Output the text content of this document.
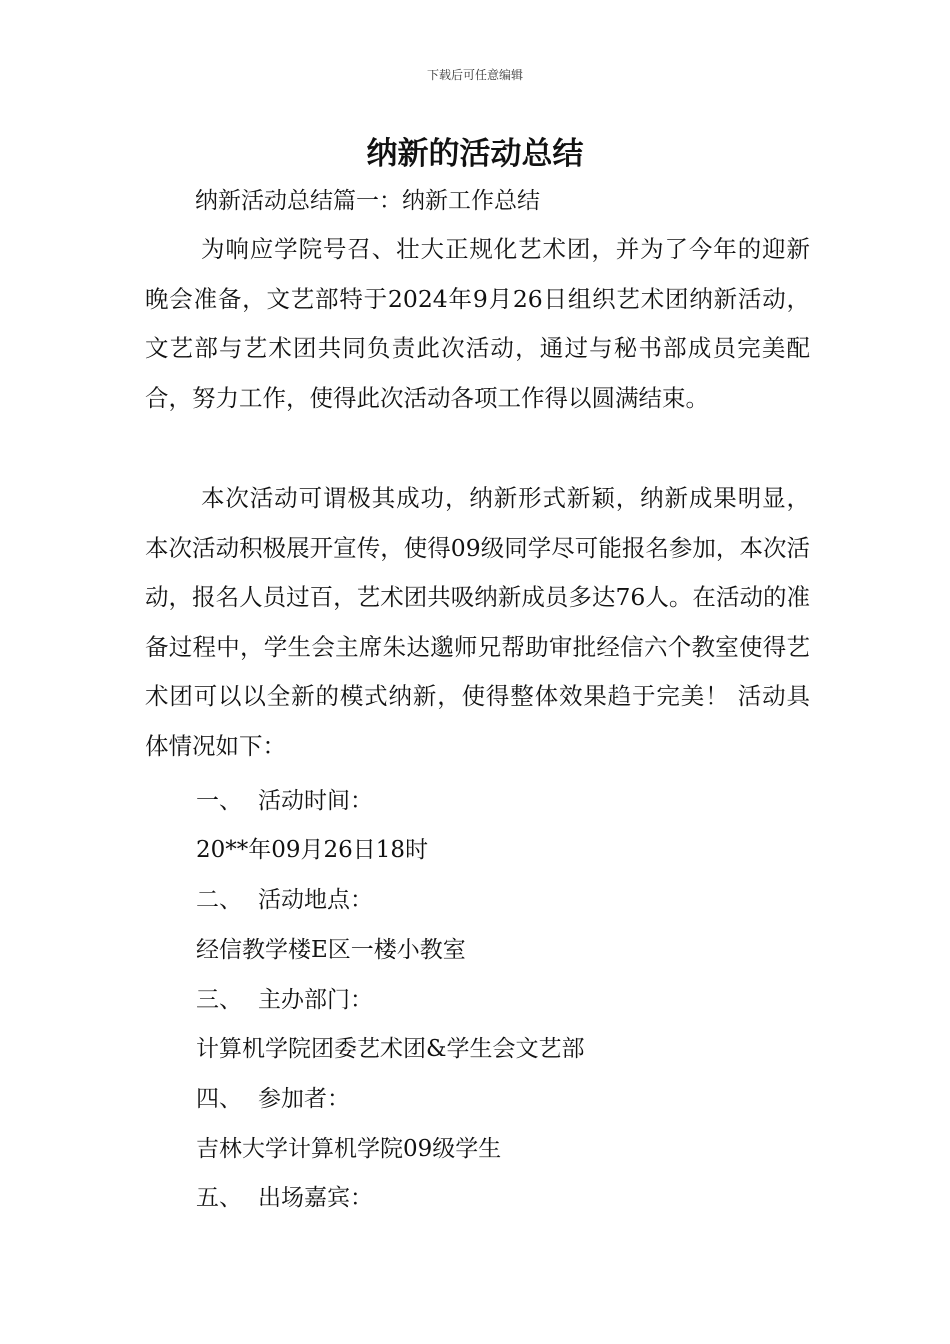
下载后可任意编辑
纳新的活动总结
纳新活动总结篇一：纳新工作总结

为响应学院号召、壮大正规化艺术团，并为了今年的迎新晚会准备，文艺部特于2024年9月26日组织艺术团纳新活动，文艺部与艺术团共同负责此次活动，通过与秘书部成员完美配合，努力工作，使得此次活动各项工作得以圆满结束。

本次活动可谓极其成功，纳新形式新颖，纳新成果明显，本次活动积极展开宣传，使得09级同学尽可能报名参加，本次活动，报名人员过百，艺术团共吸纳新成员多达76人。在活动的准备过程中，学生会主席朱达邈师兄帮助审批经信六个教室使得艺术团可以以全新的模式纳新，使得整体效果趋于完美！ 活动具体情况如下：

一、 活动时间：
20**年09月26日18时
二、 活动地点：
经信教学楼E区一楼小教室
三、 主办部门：
计算机学院团委艺术团&学生会文艺部
四、 参加者：
吉林大学计算机学院09级学生
五、 出场嘉宾：
